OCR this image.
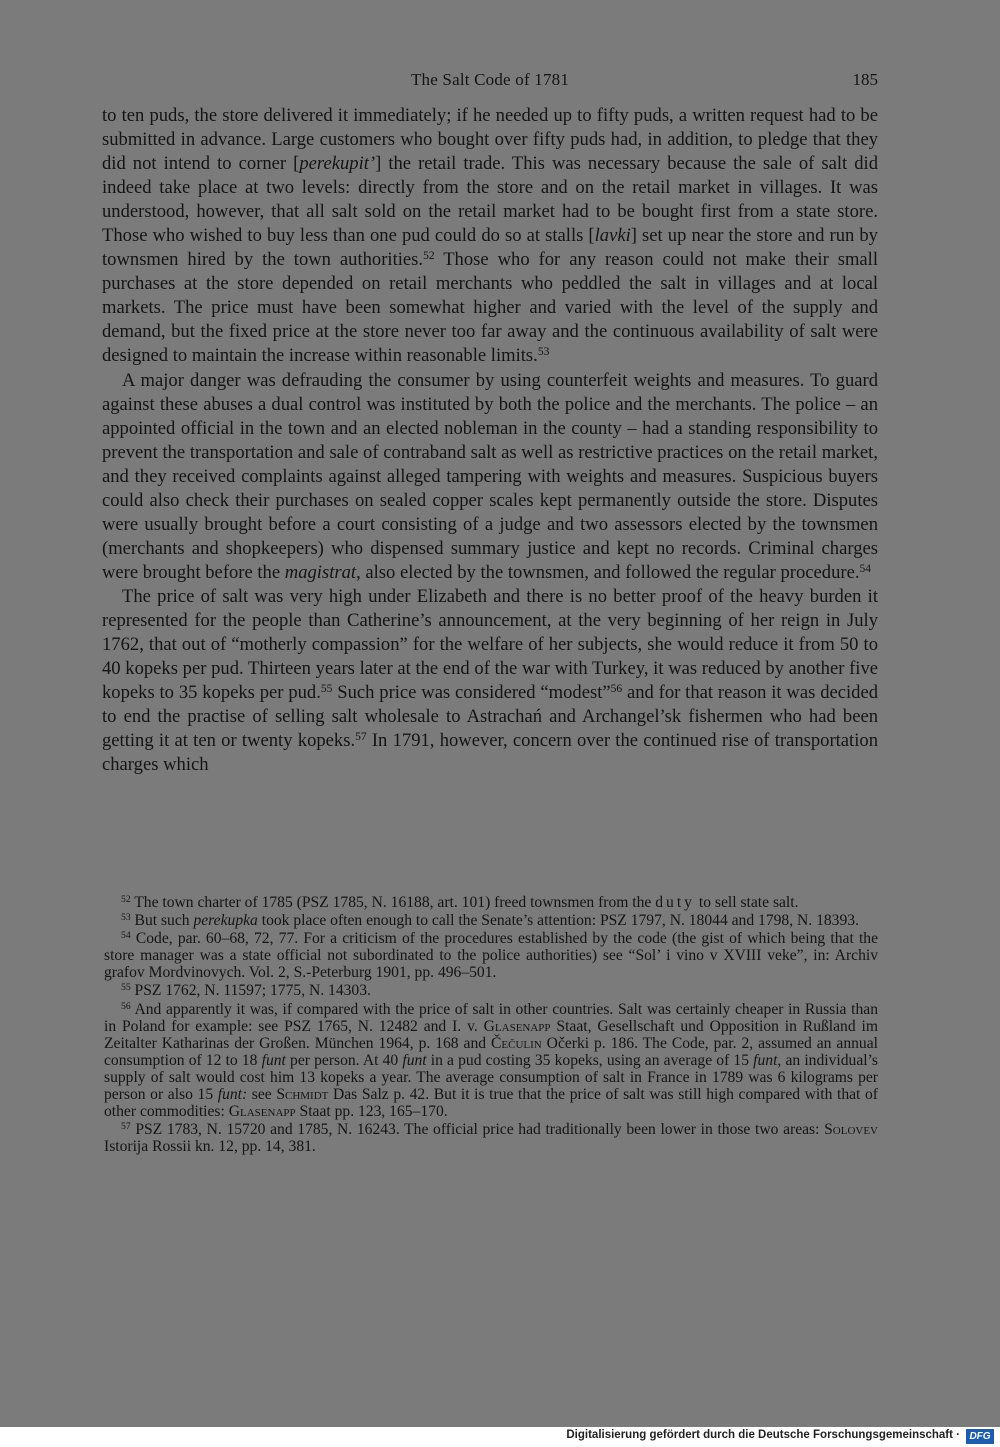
The Salt Code of 1781	185

to ten puds, the store delivered it immediately; if he needed up to fifty puds, a written request had to be submitted in advance. Large customers who bought over fifty puds had, in addition, to pledge that they did not intend to corner [perekupit’] the retail trade. This was necessary because the sale of salt did indeed take place at two levels: directly from the store and on the retail market in villages. It was understood, however, that all salt sold on the retail market had to be bought first from a state store. Those who wished to buy less than one pud could do so at stalls [lavki] set up near the store and run by townsmen hired by the town authorities.$^{52}$ Those who for any reason could not make their small purchases at the store depended on retail merchants who peddled the salt in villages and at local markets. The price must have been somewhat higher and varied with the level of the supply and demand, but the fixed price at the store never too far away and the continuous availability of salt were designed to maintain the increase within reasonable limits.$^{53}$

A major danger was defrauding the consumer by using counterfeit weights and measures. To guard against these abuses a dual control was instituted by both the police and the merchants. The police – an appointed official in the town and an elected nobleman in the county – had a standing responsibility to prevent the transportation and sale of contraband salt as well as restrictive practices on the retail market, and they received complaints against alleged tampering with weights and measures. Suspicious buyers could also check their purchases on sealed copper scales kept permanently outside the store. Disputes were usually brought before a court consisting of a judge and two assessors elected by the townsmen (merchants and shopkeepers) who dispensed summary justice and kept no records. Criminal charges were brought before the magistrat, also elected by the townsmen, and followed the regular procedure.$^{54}$

The price of salt was very high under Elizabeth and there is no better proof of the heavy burden it represented for the people than Catherine’s announcement, at the very beginning of her reign in July 1762, that out of “motherly compassion” for the welfare of her subjects, she would reduce it from 50 to 40 kopeks per pud. Thirteen years later at the end of the war with Turkey, it was reduced by another five kopeks to 35 kopeks per pud.$^{55}$ Such price was considered “modest”$^{56}$ and for that reason it was decided to end the practise of selling salt wholesale to Astrachań and Archangel’sk fishermen who had been getting it at ten or twenty kopeks.$^{57}$ In 1791, however, concern over the continued rise of transportation charges which

$^{52}$ The town charter of 1785 (PSZ 1785, N. 16188, art. 101) freed townsmen from the duty to sell state salt.

$^{53}$ But such perekupka took place often enough to call the Senate’s attention: PSZ 1797, N. 18044 and 1798, N. 18393.

$^{54}$ Code, par. 60–68, 72, 77. For a criticism of the procedures established by the code (the gist of which being that the store manager was a state official not subordinated to the police authorities) see “Sol’ i vino v XVIII veke”, in: Archiv grafov Mordvinovych. Vol. 2, S.-Peterburg 1901, pp. 496–501.

$^{55}$ PSZ 1762, N. 11597; 1775, N. 14303.

$^{56}$ And apparently it was, if compared with the price of salt in other countries. Salt was certainly cheaper in Russia than in Poland for example: see PSZ 1765, N. 12482 and I. v. Glasenapp Staat, Gesellschaft und Opposition in Rußland im Zeitalter Katharinas der Großen. München 1964, p. 168 and Čečulin Očerki p. 186. The Code, par. 2, assumed an annual consumption of 12 to 18 funt per person. At 40 funt in a pud costing 35 kopeks, using an average of 15 funt, an individual’s supply of salt would cost him 13 kopeks a year. The average consumption of salt in France in 1789 was 6 kilograms per person or also 15 funt: see Schmidt Das Salz p. 42. But it is true that the price of salt was still high compared with that of other commodities: Glasenapp Staat pp. 123, 165–170.

$^{57}$ PSZ 1783, N. 15720 and 1785, N. 16243. The official price had traditionally been lower in those two areas: Solovev Istorija Rossii kn. 12, pp. 14, 381.

Digitalisierung gefördert durch die Deutsche Forschungsgemeinschaft · DFG
